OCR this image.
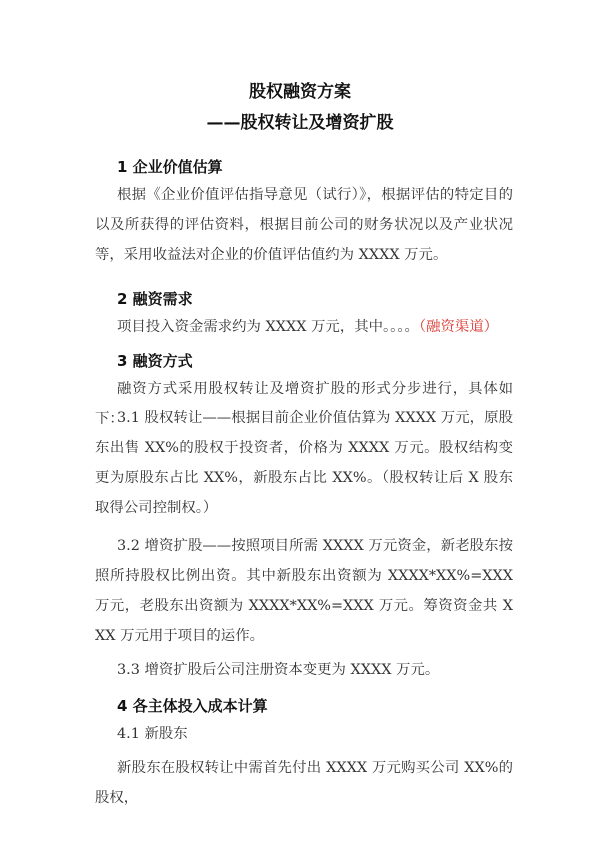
股权融资方案
——股权转让及增资扩股
1 企业价值估算

根据《企业价值评估指导意见（试行）》，根据评估的特定目的以及所获得的评估资料，根据目前公司的财务状况以及产业状况等，采用收益法对企业的价值评估值约为 XXXX 万元。

2 融资需求

项目投入资金需求约为 XXXX 万元，其中。。。。（融资渠道）

3 融资方式

融资方式采用股权转让及增资扩股的形式分步进行，具体如下：

3.1 股权转让——根据目前企业价值估算为 XXXX 万元，原股东出售 XX%的股权于投资者，价格为 XXXX 万元。股权结构变更为原股东占比 XX%，新股东占比 XX%。（股权转让后 X 股东取得公司控制权。）

3.2 增资扩股——按照项目所需 XXXX 万元资金，新老股东按照所持股权比例出资。其中新股东出资额为 XXXX*XX%=XXX 万元，老股东出资额为 XXXX*XX%=XXX 万元。筹资资金共 XXX 万元用于项目的运作。

3.3 增资扩股后公司注册资本变更为 XXXX 万元。

4 各主体投入成本计算

4.1 新股东

新股东在股权转让中需首先付出 XXXX 万元购买公司 XX%的股权，
